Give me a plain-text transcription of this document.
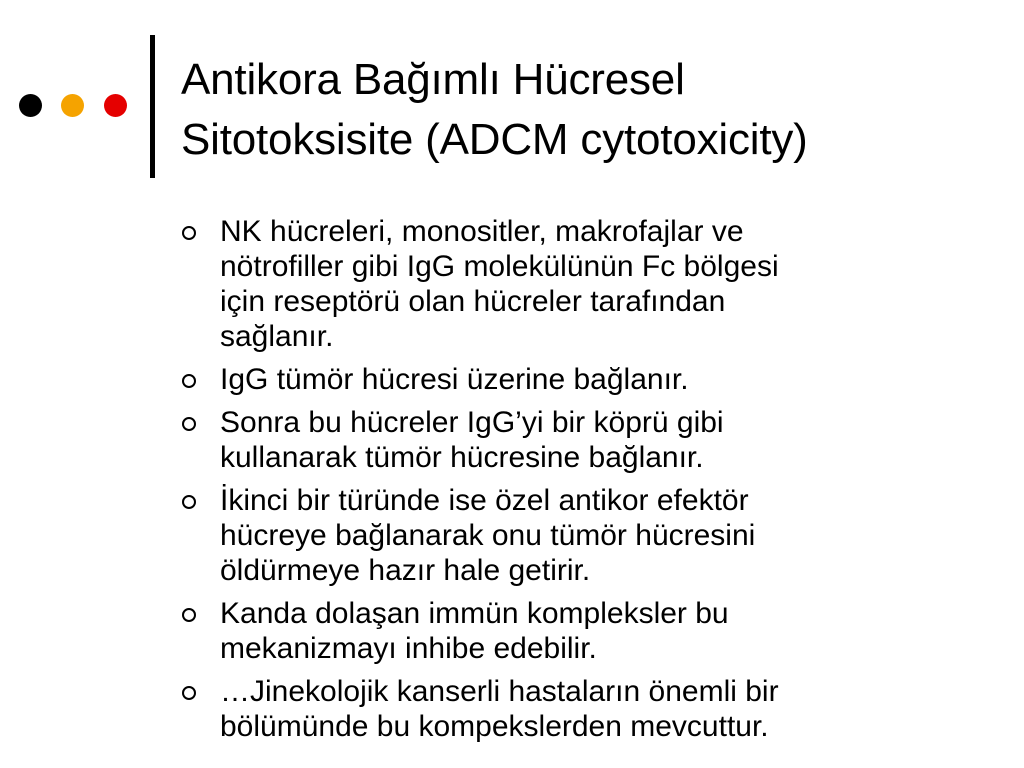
Antikora Bağımlı Hücresel
Sitotoksisite (ADCM cytotoxicity)
NK hücreleri, monositler, makrofajlar ve
nötrofiller gibi IgG molekülünün Fc bölgesi
için reseptörü olan hücreler tarafından
sağlanır.
IgG tümör hücresi üzerine bağlanır.
Sonra bu hücreler IgG’yi bir köprü gibi
kullanarak tümör hücresine bağlanır.
İkinci bir türünde ise özel antikor efektör
hücreye bağlanarak onu tümör hücresini
öldürmeye hazır hale getirir.
Kanda dolaşan immün kompleksler bu
mekanizmayı inhibe edebilir.
…Jinekolojik kanserli hastaların önemli bir
bölümünde bu kompekslerden mevcuttur.
